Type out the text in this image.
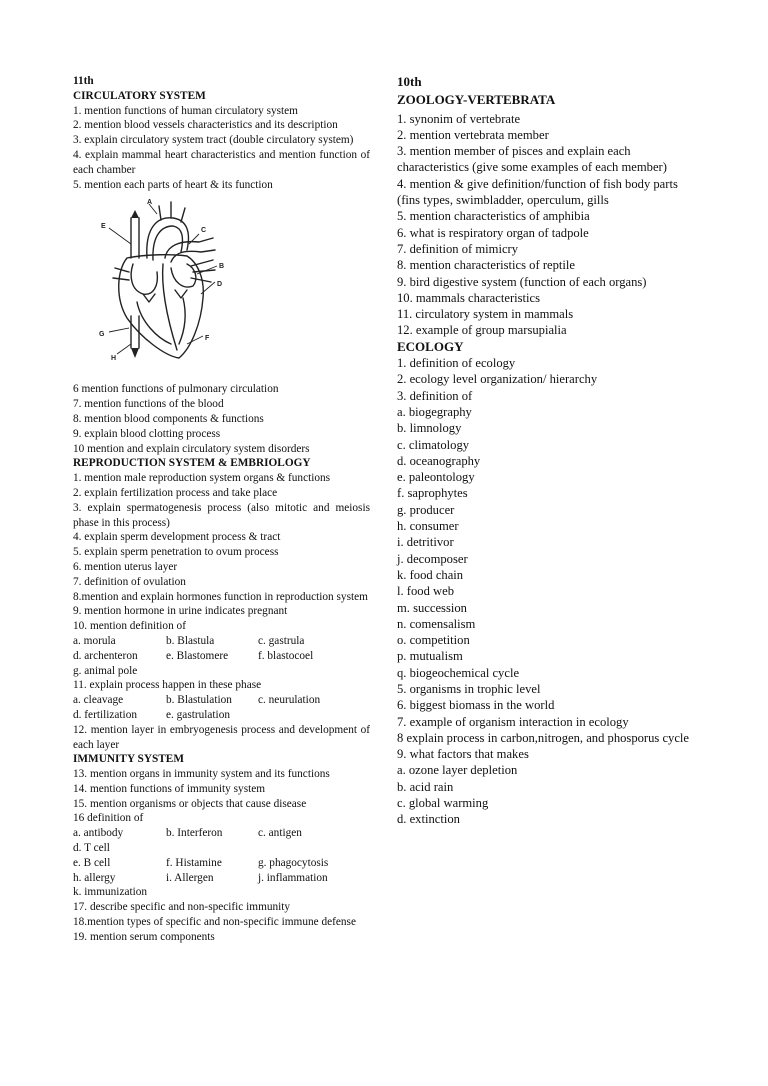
11th
CIRCULATORY SYSTEM
1. mention functions of human circulatory system
2. mention blood vessels characteristics and its description
3. explain circulatory system tract (double circulatory system)
4. explain mammal heart characteristics and mention function of each chamber
5. mention each parts of heart & its function
A
B
C
D
E
F
G
H
6 mention functions of pulmonary circulation
7. mention functions of the blood
8. mention blood components & functions
9. explain blood clotting process
10 mention and explain circulatory system disorders
REPRODUCTION SYSTEM & EMBRIOLOGY
1. mention male reproduction system organs & functions
2. explain fertilization process and take place
3. explain spermatogenesis process (also mitotic and meiosis phase in this process)
4. explain sperm development process & tract
5. explain sperm penetration to ovum process
6. mention uterus layer
7. definition of ovulation
8.mention and explain hormones function in reproduction system
9. mention hormone in urine indicates pregnant
10. mention definition of
a. morula	b. Blastula	c. gastrula
d. archenteron	e. Blastomere	f. blastocoel
g. animal pole
11. explain process happen in these phase
a. cleavage	b. Blastulation	c. neurulation
d. fertilization	e. gastrulation
12. mention layer in embryogenesis process and development of each layer
IMMUNITY SYSTEM
13. mention organs in immunity system and its functions
14. mention functions of immunity system
15. mention organisms or objects that cause disease
16 definition of
a. antibody	b. Interferon	c. antigen
d. T cell
e. B cell	f. Histamine	g. phagocytosis
h. allergy	i. Allergen	j. inflammation
k. immunization
17. describe specific and non-specific immunity
18.mention types of specific and non-specific immune defense
19. mention serum components
10th
ZOOLOGY-VERTEBRATA
1. synonim of vertebrate
2. mention vertebrata member
3. mention member of pisces and explain each characteristics (give some examples of each member)
4. mention & give definition/function of fish body parts (fins types, swimbladder, operculum, gills
5. mention characteristics of amphibia
6. what is respiratory organ of tadpole
7. definition of mimicry
8. mention characteristics of reptile
9. bird digestive system (function of each organs)
10. mammals characteristics
11. circulatory system in mammals
12. example of group marsupialia
ECOLOGY
1. definition of ecology
2. ecology level organization/ hierarchy
3. definition of
a. biogegraphy
b. limnology
c. climatology
d. oceanography
e. paleontology
f. saprophytes
g. producer
h. consumer
i. detritivor
j. decomposer
k. food chain
l. food web
m. succession
n. comensalism
o. competition
p. mutualism
q. biogeochemical cycle
5. organisms in trophic level
6. biggest biomass in the world
7. example of organism interaction in ecology
8 explain process in carbon,nitrogen, and phosporus cycle
9. what factors that makes
a. ozone layer depletion
b. acid rain
c. global warming
d. extinction
